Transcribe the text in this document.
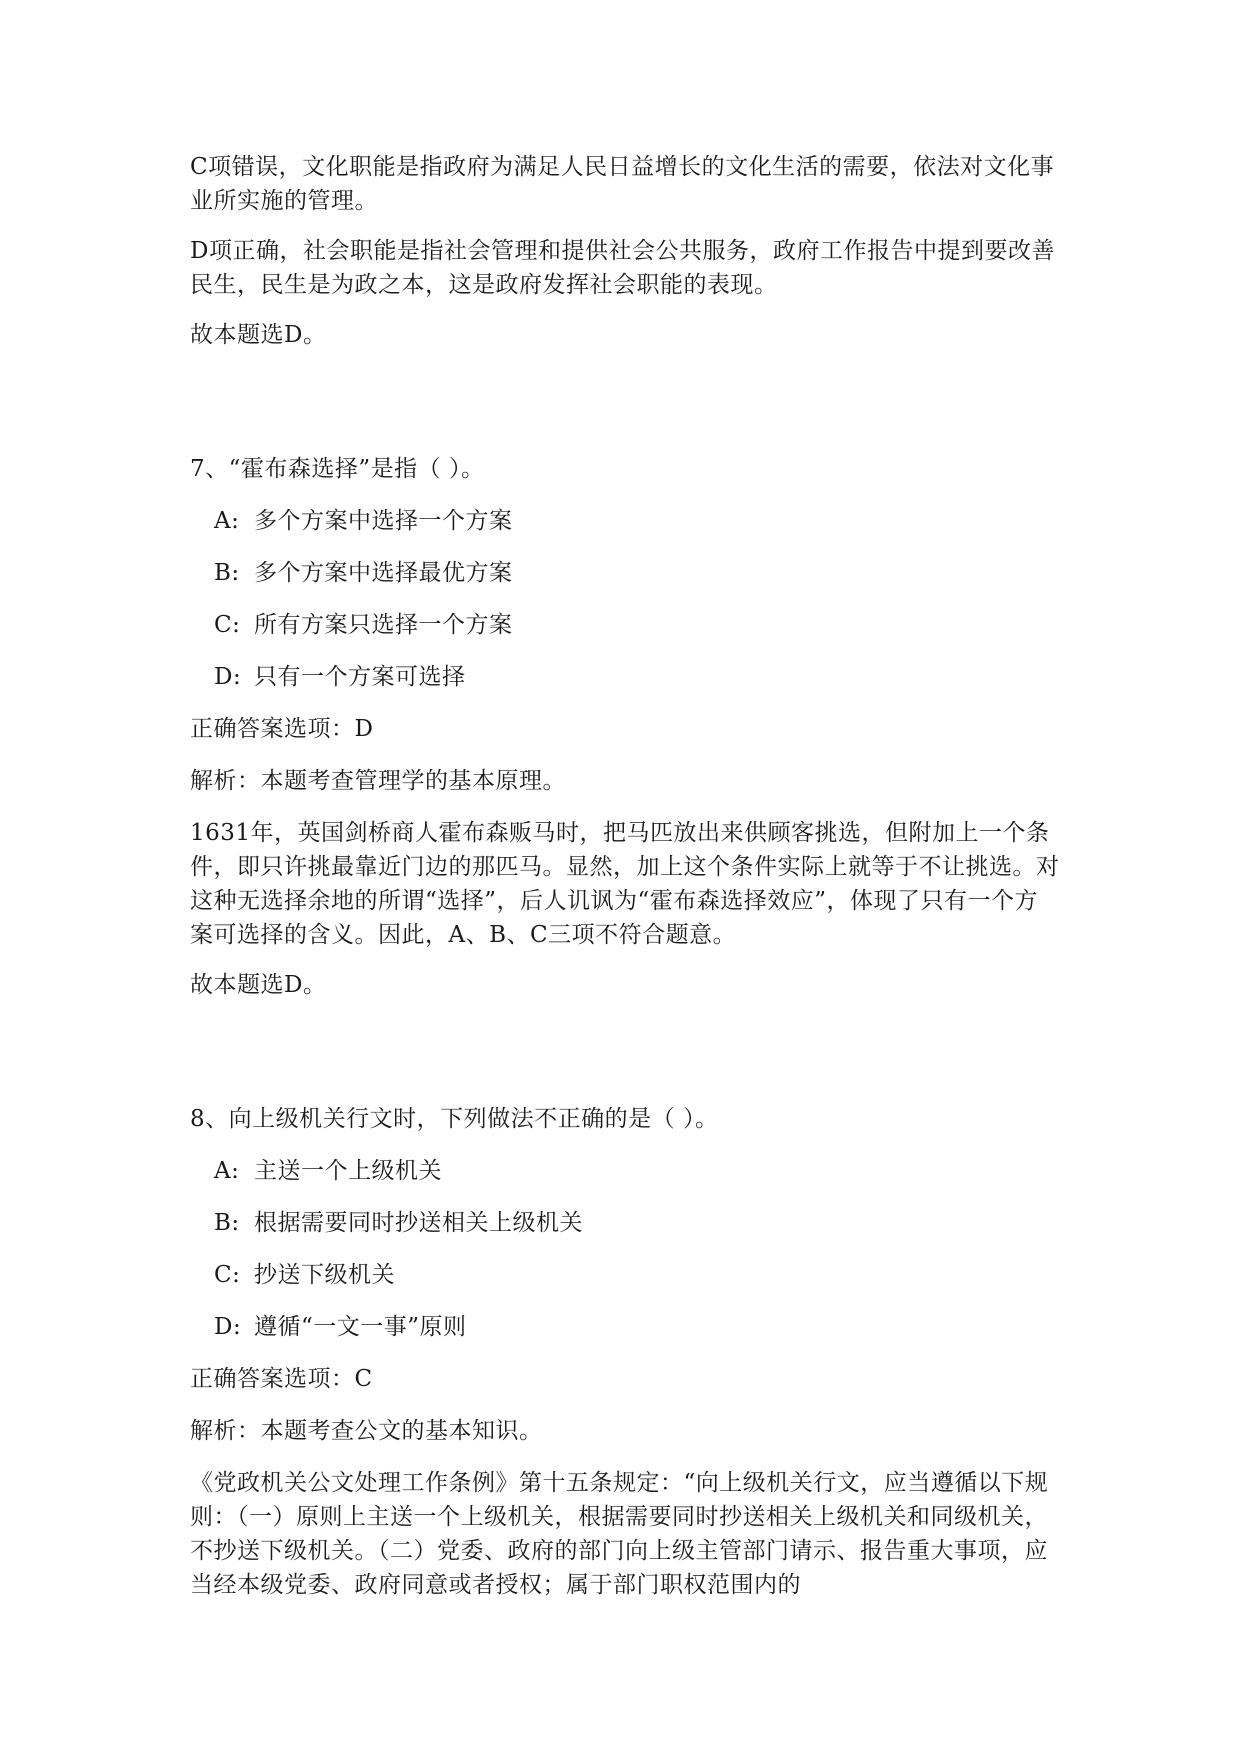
C项错误，文化职能是指政府为满足人民日益增长的文化生活的需要，依法对文化事业所实施的管理。

D项正确，社会职能是指社会管理和提供社会公共服务，政府工作报告中提到要改善民生，民生是为政之本，这是政府发挥社会职能的表现。

故本题选D。

7、“霍布森选择”是指（ ）。

A: 多个方案中选择一个方案

B: 多个方案中选择最优方案

C: 所有方案只选择一个方案

D: 只有一个方案可选择

正确答案选项：D

解析：本题考查管理学的基本原理。

1631年，英国剑桥商人霍布森贩马时，把马匹放出来供顾客挑选，但附加上一个条件，即只许挑最靠近门边的那匹马。显然，加上这个条件实际上就等于不让挑选。对这种无选择余地的所谓“选择”，后人讥讽为“霍布森选择效应”，体现了只有一个方案可选择的含义。因此，A、B、C三项不符合题意。

故本题选D。

8、向上级机关行文时，下列做法不正确的是（ ）。

A: 主送一个上级机关

B: 根据需要同时抄送相关上级机关

C: 抄送下级机关

D: 遵循“一文一事”原则

正确答案选项：C

解析：本题考查公文的基本知识。

《党政机关公文处理工作条例》第十五条规定：“向上级机关行文，应当遵循以下规则：（一）原则上主送一个上级机关，根据需要同时抄送相关上级机关和同级机关，不抄送下级机关。（二）党委、政府的部门向上级主管部门请示、报告重大事项，应当经本级党委、政府同意或者授权；属于部门职权范围内的
